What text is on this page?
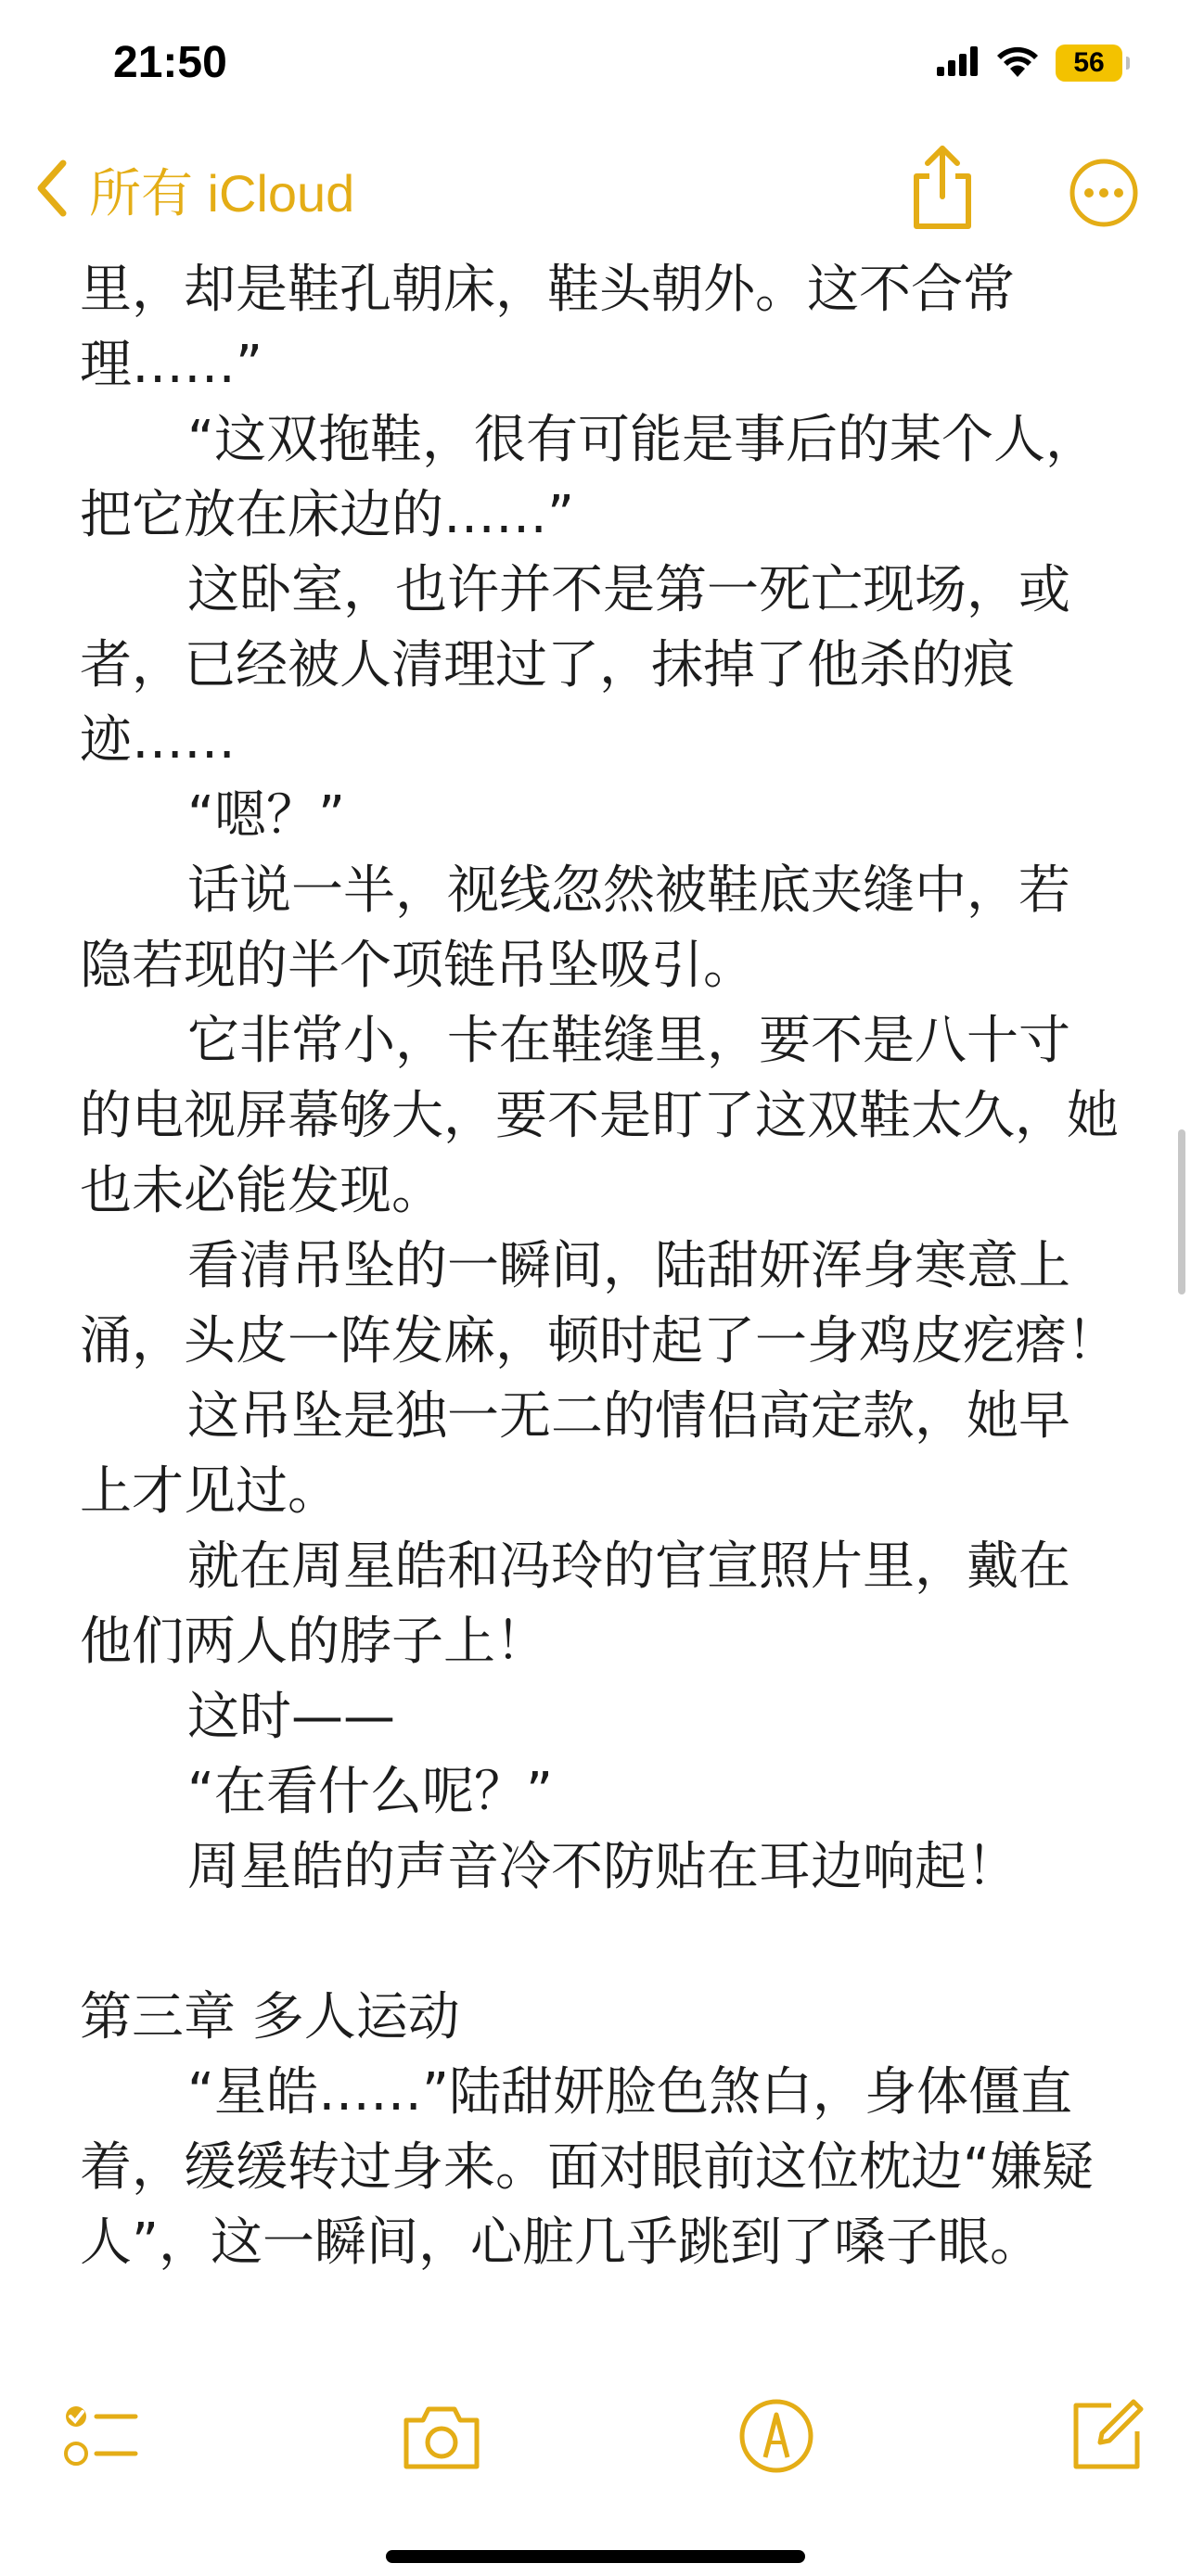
21:50	56
所有 iCloud

里，却是鞋孔朝床，鞋头朝外。这不合常理……”

“这双拖鞋，很有可能是事后的某个人，把它放在床边的……”

这卧室，也许并不是第一死亡现场，或者，已经被人清理过了，抹掉了他杀的痕迹……

“嗯？”

话说一半，视线忽然被鞋底夹缝中，若隐若现的半个项链吊坠吸引。

它非常小，卡在鞋缝里，要不是八十寸的电视屏幕够大，要不是盯了这双鞋太久，她也未必能发现。

看清吊坠的一瞬间，陆甜妍浑身寒意上涌，头皮一阵发麻，顿时起了一身鸡皮疙瘩！

这吊坠是独一无二的情侣高定款，她早上才见过。

就在周星皓和冯玲的官宣照片里，戴在他们两人的脖子上！

这时——

“在看什么呢？”

周星皓的声音冷不防贴在耳边响起！

第三章 多人运动

“星皓……”陆甜妍脸色煞白，身体僵直着，缓缓转过身来。面对眼前这位枕边“嫌疑人”，这一瞬间，心脏几乎跳到了嗓子眼。
